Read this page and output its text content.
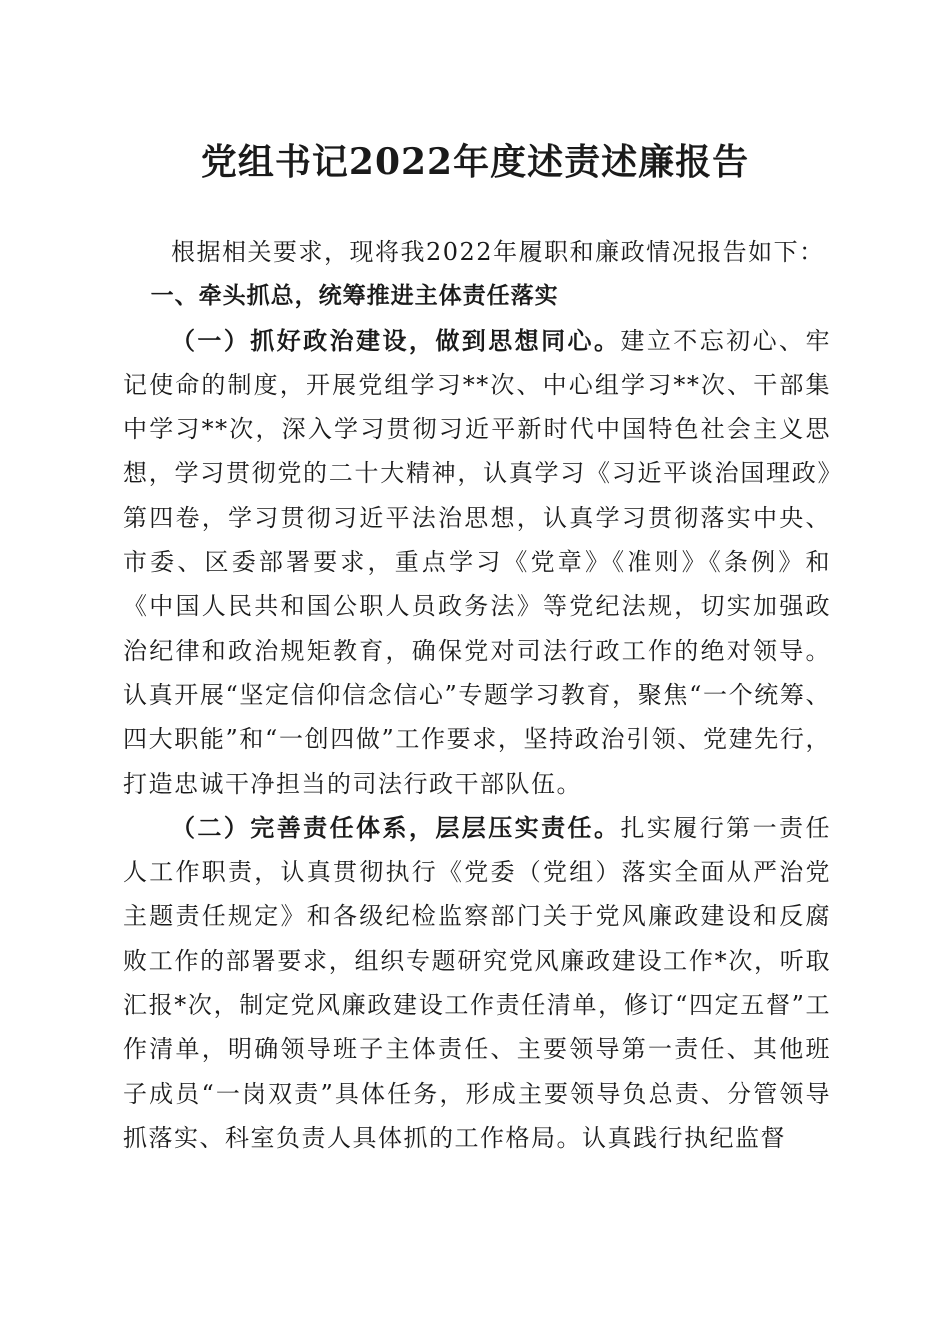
党组书记2022年度述责述廉报告

根据相关要求，现将我2022年履职和廉政情况报告如下：

一、牵头抓总，统筹推进主体责任落实

（一）抓好政治建设，做到思想同心。建立不忘初心、牢记使命的制度，开展党组学习**次、中心组学习**次、干部集中学习**次，深入学习贯彻习近平新时代中国特色社会主义思想，学习贯彻党的二十大精神，认真学习《习近平谈治国理政》第四卷，学习贯彻习近平法治思想，认真学习贯彻落实中央、市委、区委部署要求，重点学习《党章》《准则》《条例》和《中国人民共和国公职人员政务法》等党纪法规，切实加强政治纪律和政治规矩教育，确保党对司法行政工作的绝对领导。认真开展“坚定信仰信念信心”专题学习教育，聚焦“一个统筹、四大职能”和“一创四做”工作要求，坚持政治引领、党建先行，打造忠诚干净担当的司法行政干部队伍。

（二）完善责任体系，层层压实责任。扎实履行第一责任人工作职责，认真贯彻执行《党委（党组）落实全面从严治党主题责任规定》和各级纪检监察部门关于党风廉政建设和反腐败工作的部署要求，组织专题研究党风廉政建设工作*次，听取汇报*次，制定党风廉政建设工作责任清单，修订“四定五督”工作清单，明确领导班子主体责任、主要领导第一责任、其他班子成员“一岗双责”具体任务，形成主要领导负总责、分管领导抓落实、科室负责人具体抓的工作格局。认真践行执纪监督
